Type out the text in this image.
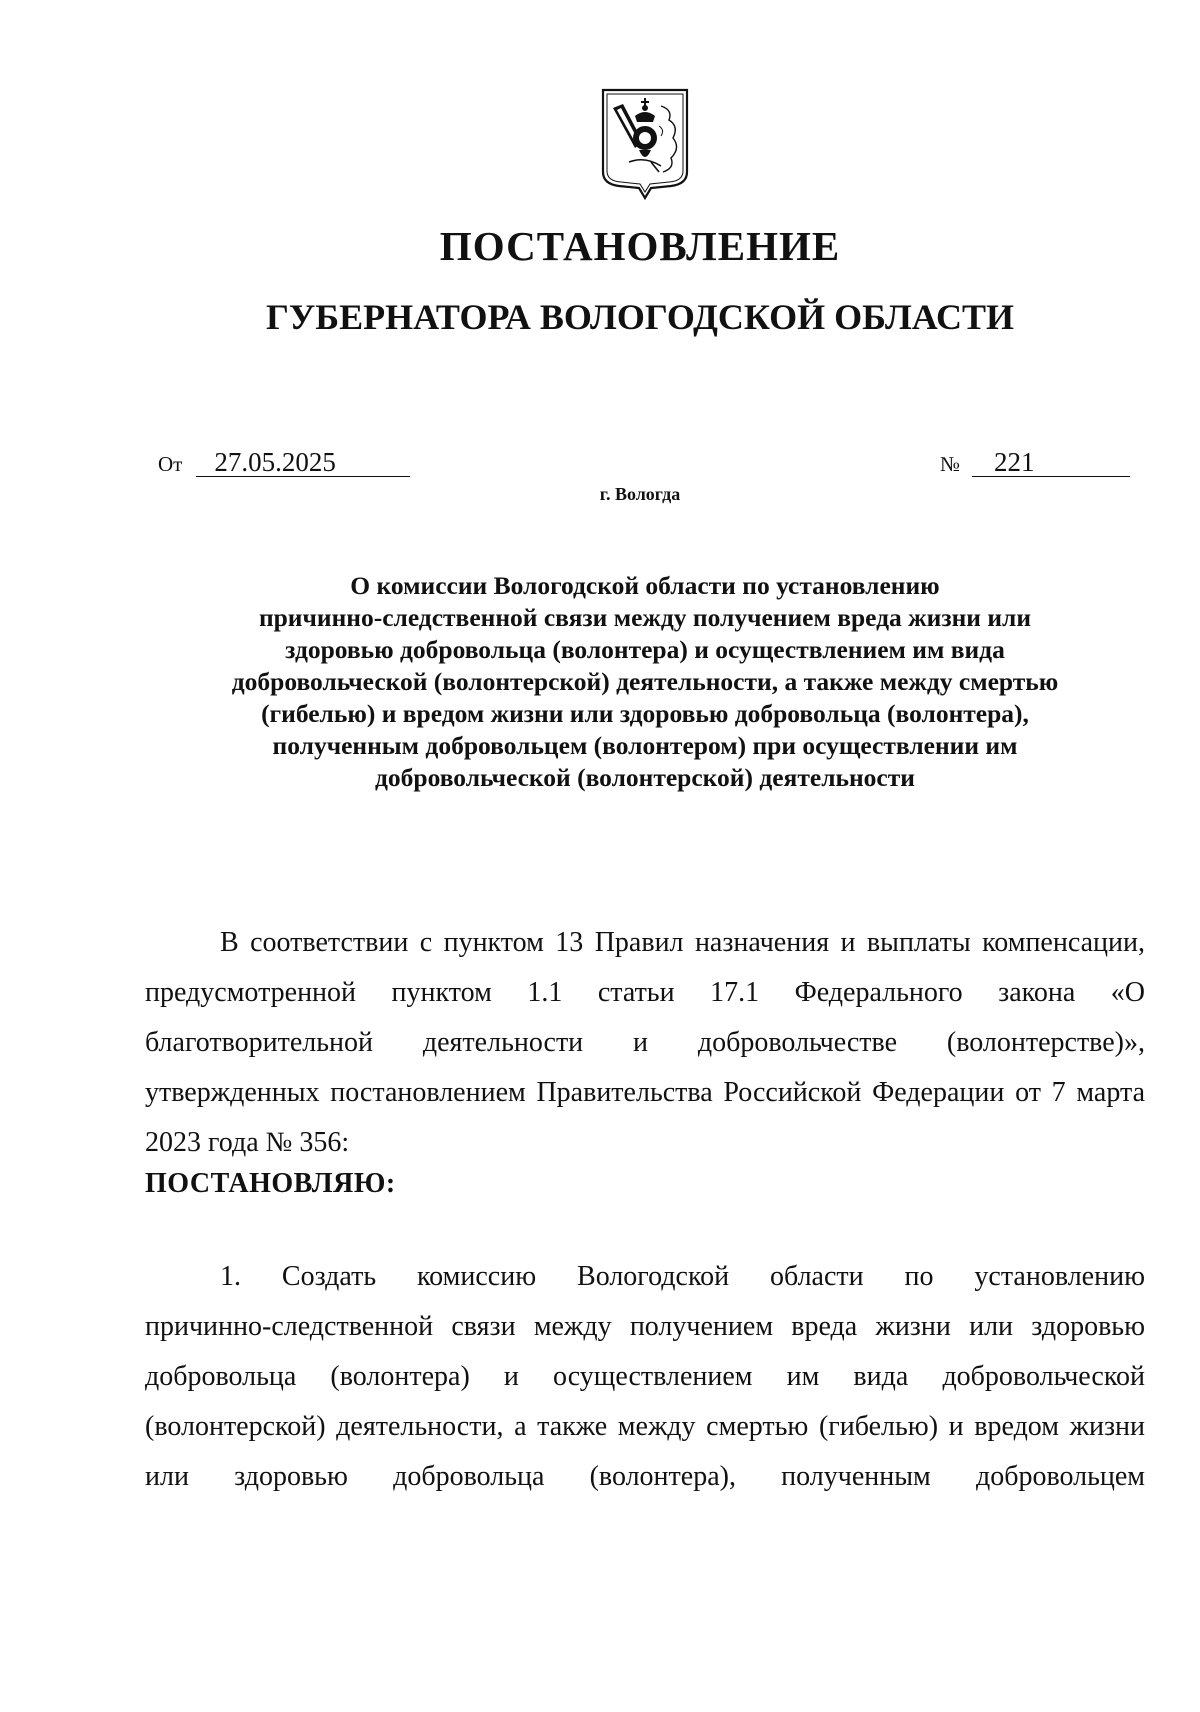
ПОСТАНОВЛЕНИЕ
ГУБЕРНАТОРА ВОЛОГОДСКОЙ ОБЛАСТИ
От	27.05.2025	№	221
г. Вологда
О комиссии Вологодской области по установлению
причинно-следственной связи между получением вреда жизни или
здоровью добровольца (волонтера) и осуществлением им вида
добровольческой (волонтерской) деятельности, а также между смертью
(гибелью) и вредом жизни или здоровью добровольца (волонтера),
полученным добровольцем (волонтером) при осуществлении им
добровольческой (волонтерской) деятельности
В соответствии с пунктом 13 Правил назначения и выплаты компенсации,
предусмотренной пунктом 1.1 статьи 17.1 Федерального закона «О
благотворительной деятельности и добровольчестве (волонтерстве)»,
утвержденных постановлением Правительства Российской Федерации от 7 марта
2023 года № 356:
ПОСТАНОВЛЯЮ:
1. Создать комиссию Вологодской области по установлению
причинно-следственной связи между получением вреда жизни или здоровью
добровольца (волонтера) и осуществлением им вида добровольческой
(волонтерской) деятельности, а также между смертью (гибелью) и вредом жизни
или здоровью добровольца (волонтера), полученным добровольцем
